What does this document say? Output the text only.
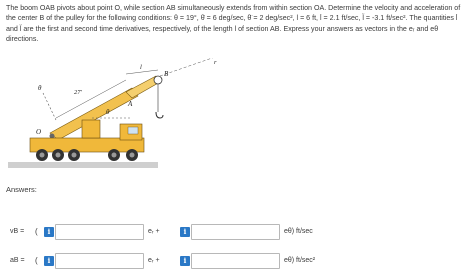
The boom OAB pivots about point O, while section AB simultaneously extends from within section OA. Determine the velocity and acceleration of the center B of the pulley for the following conditions: θ = 19°, θ̇ = 6 deg/sec, θ̈ = 2 deg/sec², l = 6 ft, l̇ = 2.1 ft/sec, l̈ = -3.1 ft/sec². The quantities l̇ and l̈ are the first and second time derivatives, respectively, of the length l of section AB. Express your answers as vectors in the eᵣ and eθ directions.
θ
27'
l
r
B
A
θ
O
Answers:
vB = (	i	eᵣ +	i	eθ) ft/sec
aB = (	i	eᵣ +	i	eθ) ft/sec²
